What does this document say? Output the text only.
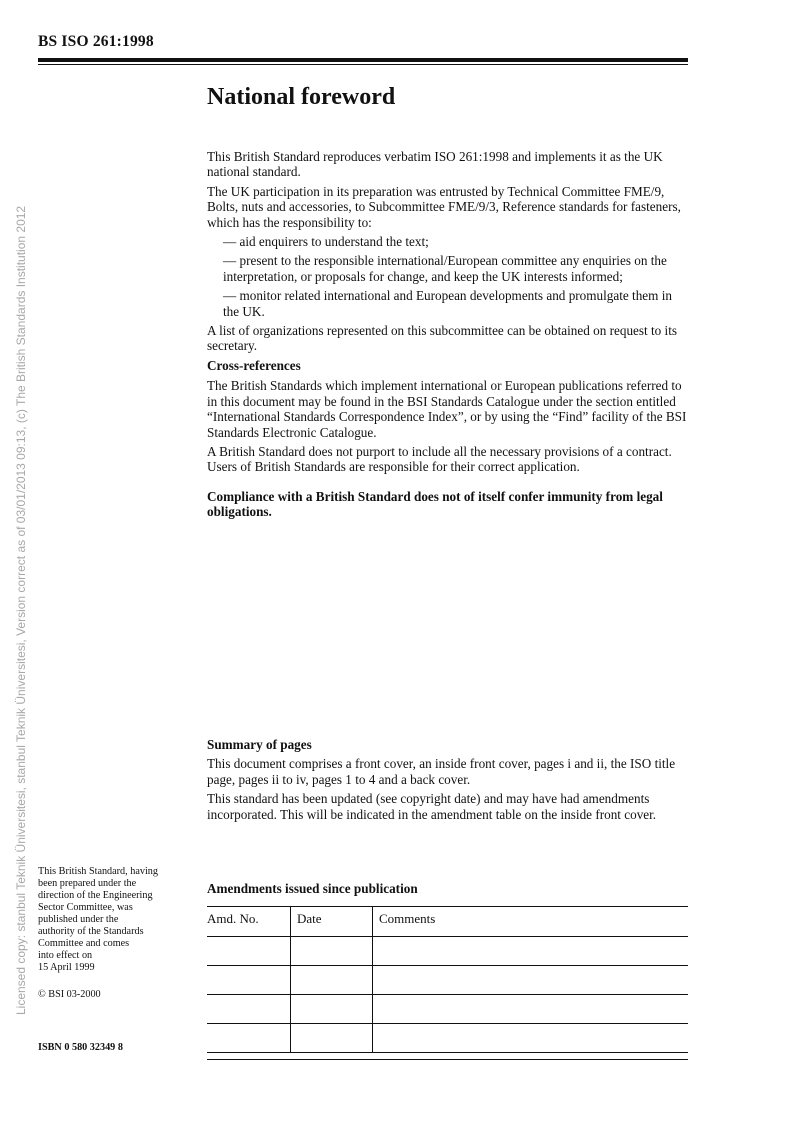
BS ISO 261:1998
Licensed copy: stanbul Teknik Üniversitesi, stanbul Teknik Üniversitesi, Version correct as of 03/01/2013 09:13, (c) The British Standards Institution 2012
National foreword

This British Standard reproduces verbatim ISO 261:1998 and implements it as the UK national standard.

The UK participation in its preparation was entrusted by Technical Committee FME/9, Bolts, nuts and accessories, to Subcommittee FME/9/3, Reference standards for fasteners, which has the responsibility to:

— aid enquirers to understand the text;

— present to the responsible international/European committee any enquiries on the interpretation, or proposals for change, and keep the UK interests informed;

— monitor related international and European developments and promulgate them in the UK.

A list of organizations represented on this subcommittee can be obtained on request to its secretary.

Cross-references

The British Standards which implement international or European publications referred to in this document may be found in the BSI Standards Catalogue under the section entitled “International Standards Correspondence Index”, or by using the “Find” facility of the BSI Standards Electronic Catalogue.

A British Standard does not purport to include all the necessary provisions of a contract. Users of British Standards are responsible for their correct application.

Compliance with a British Standard does not of itself confer immunity from legal obligations.

Summary of pages

This document comprises a front cover, an inside front cover, pages i and ii, the ISO title page, pages ii to iv, pages 1 to 4 and a back cover.

This standard has been updated (see copyright date) and may have had amendments incorporated. This will be indicated in the amendment table on the inside front cover.

This British Standard, having

been prepared under the

direction of the Engineering

Sector Committee, was

published under the

authority of the Standards

Committee and comes

into effect on

15 April 1999

© BSI 03-2000
ISBN 0 580 32349 8
Amendments issued since publication
Amd. No.	Date	Comments
